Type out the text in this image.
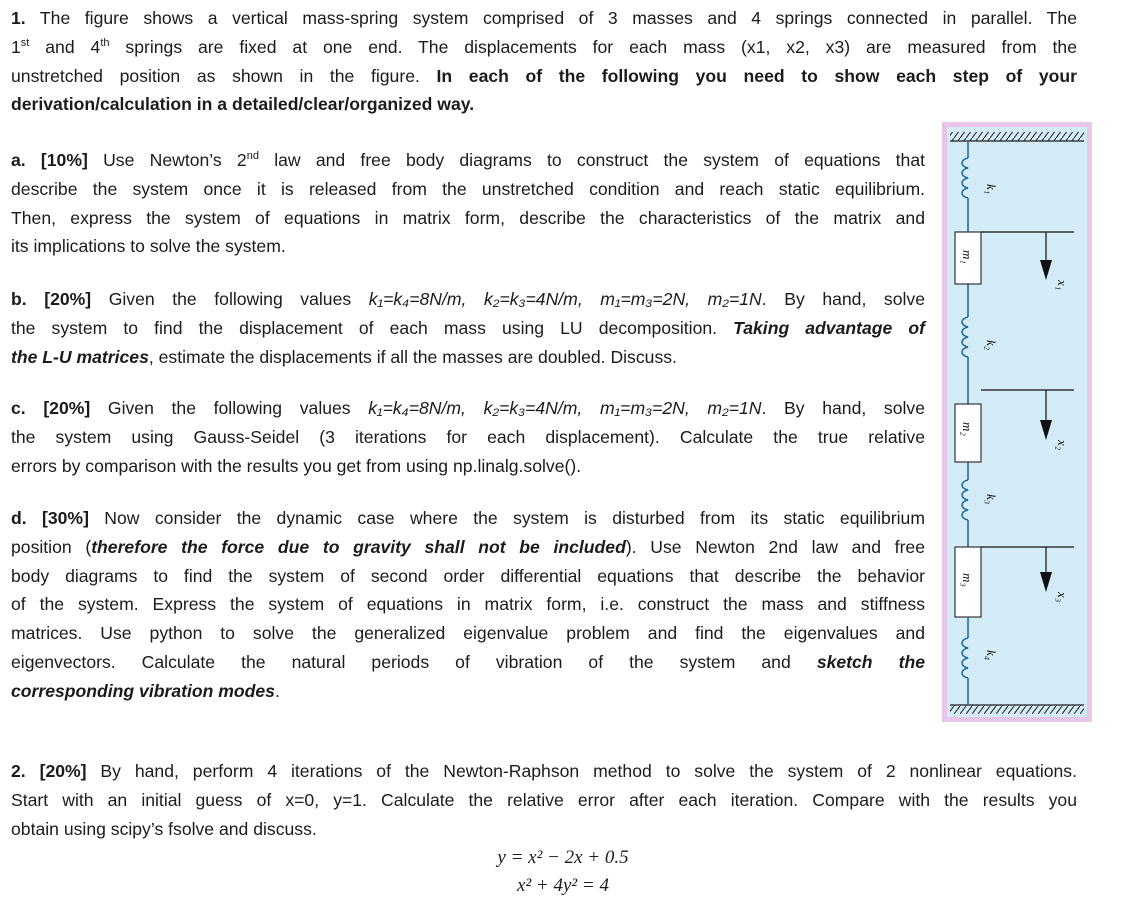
1. The figure shows a vertical mass-spring system comprised of 3 masses and 4 springs connected in parallel. The
1st and 4th springs are fixed at one end. The displacements for each mass (x1, x2, x3) are measured from the
unstretched position as shown in the figure. In each of the following you need to show each step of your
derivation/calculation in a detailed/clear/organized way.
a. [10%] Use Newton’s 2nd law and free body diagrams to construct the system of equations that
describe the system once it is released from the unstretched condition and reach static equilibrium.
Then, express the system of equations in matrix form, describe the characteristics of the matrix and
its implications to solve the system.
b. [20%] Given the following values k₁=k₄=8N/m, k₂=k₃=4N/m, m₁=m₃=2N, m₂=1N. By hand, solve
the system to find the displacement of each mass using LU decomposition. Taking advantage of
the L-U matrices, estimate the displacements if all the masses are doubled. Discuss.
c. [20%] Given the following values k₁=k₄=8N/m, k₂=k₃=4N/m, m₁=m₃=2N, m₂=1N. By hand, solve
the system using Gauss-Seidel (3 iterations for each displacement). Calculate the true relative
errors by comparison with the results you get from using np.linalg.solve().
d. [30%] Now consider the dynamic case where the system is disturbed from its static equilibrium
position (therefore the force due to gravity shall not be included). Use Newton 2nd law and free
body diagrams to find the system of second order differential equations that describe the behavior
of the system. Express the system of equations in matrix form, i.e. construct the mass and stiffness
matrices. Use python to solve the generalized eigenvalue problem and find the eigenvalues and
eigenvectors. Calculate the natural periods of vibration of the system and sketch the
corresponding vibration modes.
2. [20%] By hand, perform 4 iterations of the Newton-Raphson method to solve the system of 2 nonlinear equations.
Start with an initial guess of x=0, y=1. Calculate the relative error after each iteration. Compare with the results you
obtain using scipy’s fsolve and discuss.
y = x² − 2x + 0.5
x² + 4y² = 4
k₁
k₂
k₃
k₄
m₁
m₂
m₃
x₁
x₂
x₃
